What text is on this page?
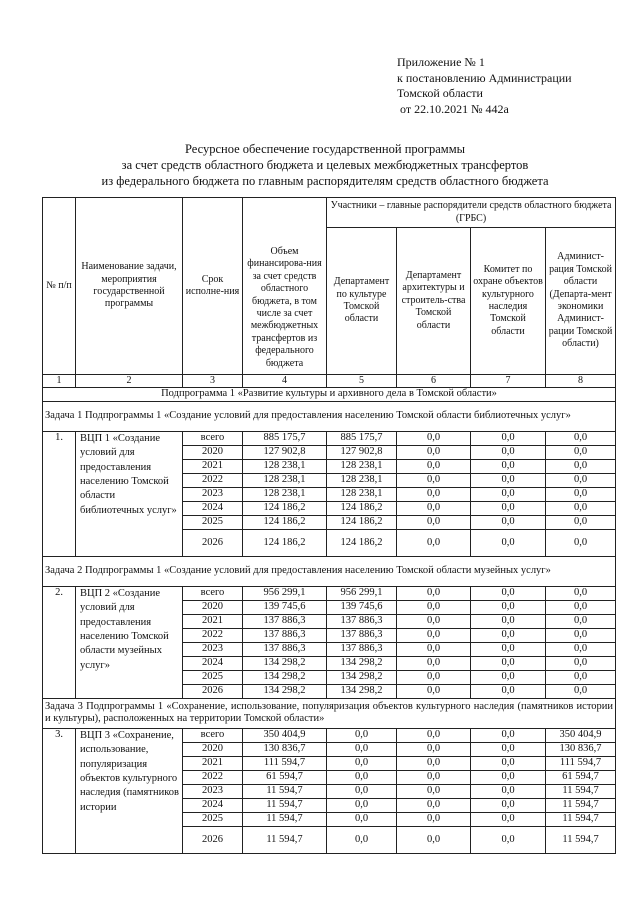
Приложение № 1
к постановлению Администрации
Томской области
от 22.10.2021 № 442а
Ресурсное обеспечение государственной программы
за счет средств областного бюджета и целевых межбюджетных трансфертов
из федерального бюджета по главным распорядителям средств областного бюджета
№ п/п	Наименование задачи, мероприятия государственной программы	Срок исполне-ния	Объем финансирова-ния за счет средств областного бюджета, в том числе за счет межбюджетных трансфертов из федерального бюджета	Участники – главные распорядители средств областного бюджета (ГРБС)				
				Департамент по культуре Томской области	Департамент архитектуры и строитель-ства Томской области	Комитет по охране объектов культурного наследия Томской области	Админист-рация Томской области (Департа-мент экономики Админист-рации Томской области)	
1	2	3	4	5	6	7	8	
Подпрограмма 1 «Развитие культуры и архивного дела в Томской области»								
Задача 1 Подпрограммы 1 «Создание условий для предоставления населению Томской области библиотечных услуг»								
1.	ВЦП 1 «Создание условий для предоставления населению Томской области библиотечных услуг»	всего	885 175,7	885 175,7	0,0	0,0	0,0	
		2020	127 902,8	127 902,8	0,0	0,0	0,0	
		2021	128 238,1	128 238,1	0,0	0,0	0,0	
		2022	128 238,1	128 238,1	0,0	0,0	0,0	
		2023	128 238,1	128 238,1	0,0	0,0	0,0	
		2024	124 186,2	124 186,2	0,0	0,0	0,0	
		2025	124 186,2	124 186,2	0,0	0,0	0,0	
		2026	124 186,2	124 186,2	0,0	0,0	0,0	
Задача 2 Подпрограммы 1 «Создание условий для предоставления населению Томской области музейных услуг»								
2.	ВЦП 2 «Создание условий для предоставления населению Томской области музейных услуг»	всего	956 299,1	956 299,1	0,0	0,0	0,0	
		2020	139 745,6	139 745,6	0,0	0,0	0,0	
		2021	137 886,3	137 886,3	0,0	0,0	0,0	
		2022	137 886,3	137 886,3	0,0	0,0	0,0	
		2023	137 886,3	137 886,3	0,0	0,0	0,0	
		2024	134 298,2	134 298,2	0,0	0,0	0,0	
		2025	134 298,2	134 298,2	0,0	0,0	0,0	
		2026	134 298,2	134 298,2	0,0	0,0	0,0	
Задача 3 Подпрограммы 1 «Сохранение, использование, популяризация объектов культурного наследия (памятников истории и культуры), расположенных на территории Томской области»								
3.	ВЦП 3 «Сохранение, использование, популяризация объектов культурного наследия (памятников истории	всего	350 404,9	0,0	0,0	0,0	350 404,9	
		2020	130 836,7	0,0	0,0	0,0	130 836,7	
		2021	111 594,7	0,0	0,0	0,0	111 594,7	
		2022	61 594,7	0,0	0,0	0,0	61 594,7	
		2023	11 594,7	0,0	0,0	0,0	11 594,7	
		2024	11 594,7	0,0	0,0	0,0	11 594,7	
		2025	11 594,7	0,0	0,0	0,0	11 594,7	
		2026	11 594,7	0,0	0,0	0,0	11 594,7	
